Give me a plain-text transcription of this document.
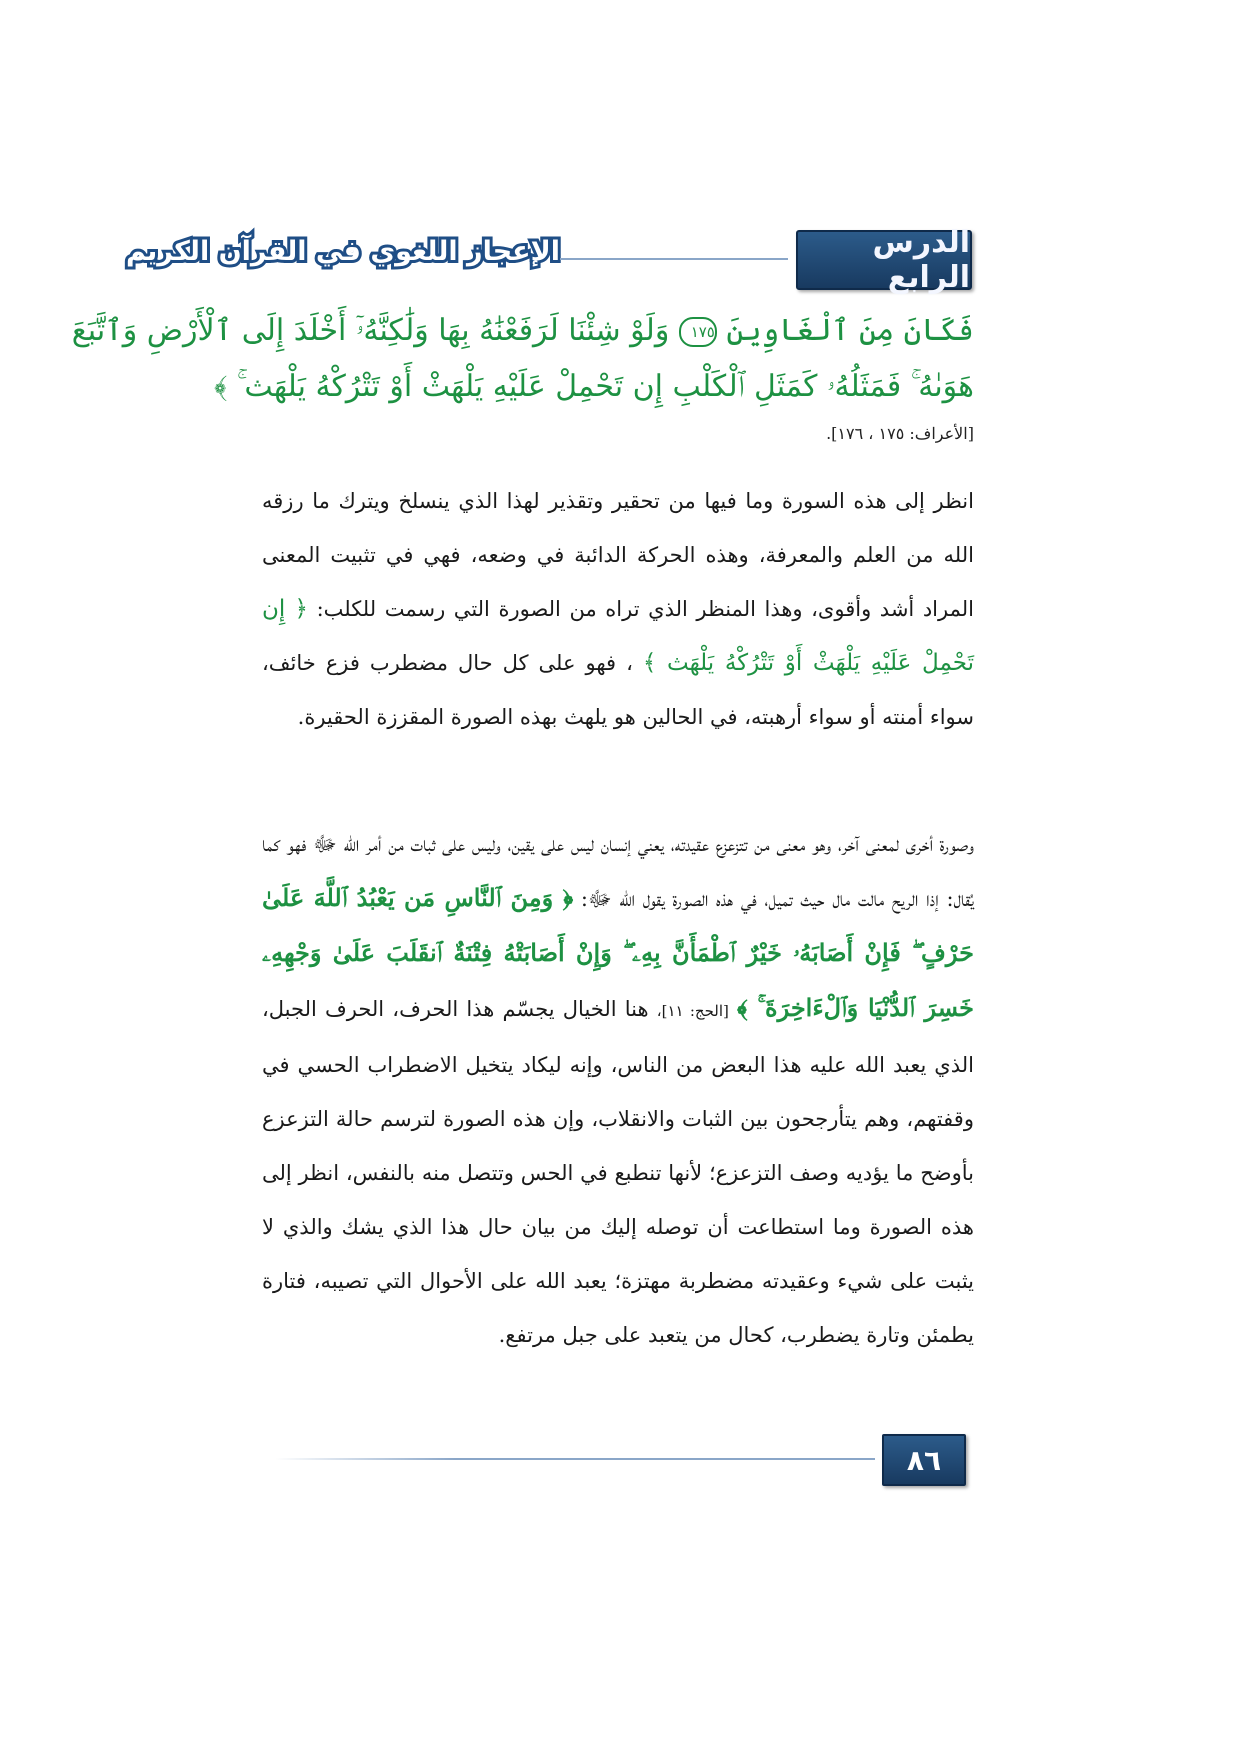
الإعجاز اللغوي في القرآن الكريم	الدرس الرابع
فَكَانَ مِنَ ٱلْغَاوِينَ ١٧٥ وَلَوْ شِئْنَا لَرَفَعْنَٰهُ بِهَا وَلَٰكِنَّهُۥٓ أَخْلَدَ إِلَى ٱلْأَرْضِ وَٱتَّبَعَ
هَوَىٰهُ ۚ فَمَثَلُهُۥ كَمَثَلِ ٱلْكَلْبِ إِن تَحْمِلْ عَلَيْهِ يَلْهَثْ أَوْ تَتْرُكْهُ يَلْهَث ۚ ﴾
[الأعراف: ١٧٥ ، ١٧٦].
انظر إلى هذه السورة وما فيها من تحقير وتقذير لهذا الذي ينسلخ ويترك ما رزقه الله من العلم والمعرفة، وهذه الحركة الدائبة في وضعه، فهي في تثبيت المعنى المراد أشد وأقوى، وهذا المنظر الذي تراه من الصورة التي رسمت للكلب: ﴿ إِن تَحْمِلْ عَلَيْهِ يَلْهَثْ أَوْ تَتْرُكْهُ يَلْهَث ﴾ ، فهو على كل حال مضطرب فزع خائف، سواء أمنته أو سواء أرهبته، في الحالين هو يلهث بهذه الصورة المقززة الحقيرة.
وصورة أخرى لمعنى آخر، وهو معنى من تتزعزع عقيدته، يعني إنسان ليس على يقين، وليس على ثبات من أمر الله ﷻ فهو كما يُقال: إذا الريح مالت مال حيث تميل، في هذه الصورة يقول الله ﷻ: ﴿ وَمِنَ ٱلنَّاسِ مَن يَعْبُدُ ٱللَّهَ عَلَىٰ حَرْفٍ ۖ فَإِنْ أَصَابَهُۥ خَيْرٌ ٱطْمَأَنَّ بِهِۦ ۖ وَإِنْ أَصَابَتْهُ فِتْنَةٌ ٱنقَلَبَ عَلَىٰ وَجْهِهِۦ خَسِرَ ٱلدُّنْيَا وَٱلْءَاخِرَةَ ۚ ﴾ [الحج: ١١]، هنا الخيال يجسّم هذا الحرف، الحرف الجبل، الذي يعبد الله عليه هذا البعض من الناس، وإنه ليكاد يتخيل الاضطراب الحسي في وقفتهم، وهم يتأرجحون بين الثبات والانقلاب، وإن هذه الصورة لترسم حالة التزعزع بأوضح ما يؤديه وصف التزعزع؛ لأنها تنطبع في الحس وتتصل منه بالنفس، انظر إلى هذه الصورة وما استطاعت أن توصله إليك من بيان حال هذا الذي يشك والذي لا يثبت على شيء وعقيدته مضطربة مهتزة؛ يعبد الله على الأحوال التي تصيبه، فتارة يطمئن وتارة يضطرب، كحال من يتعبد على جبل مرتفع.
٨٦
